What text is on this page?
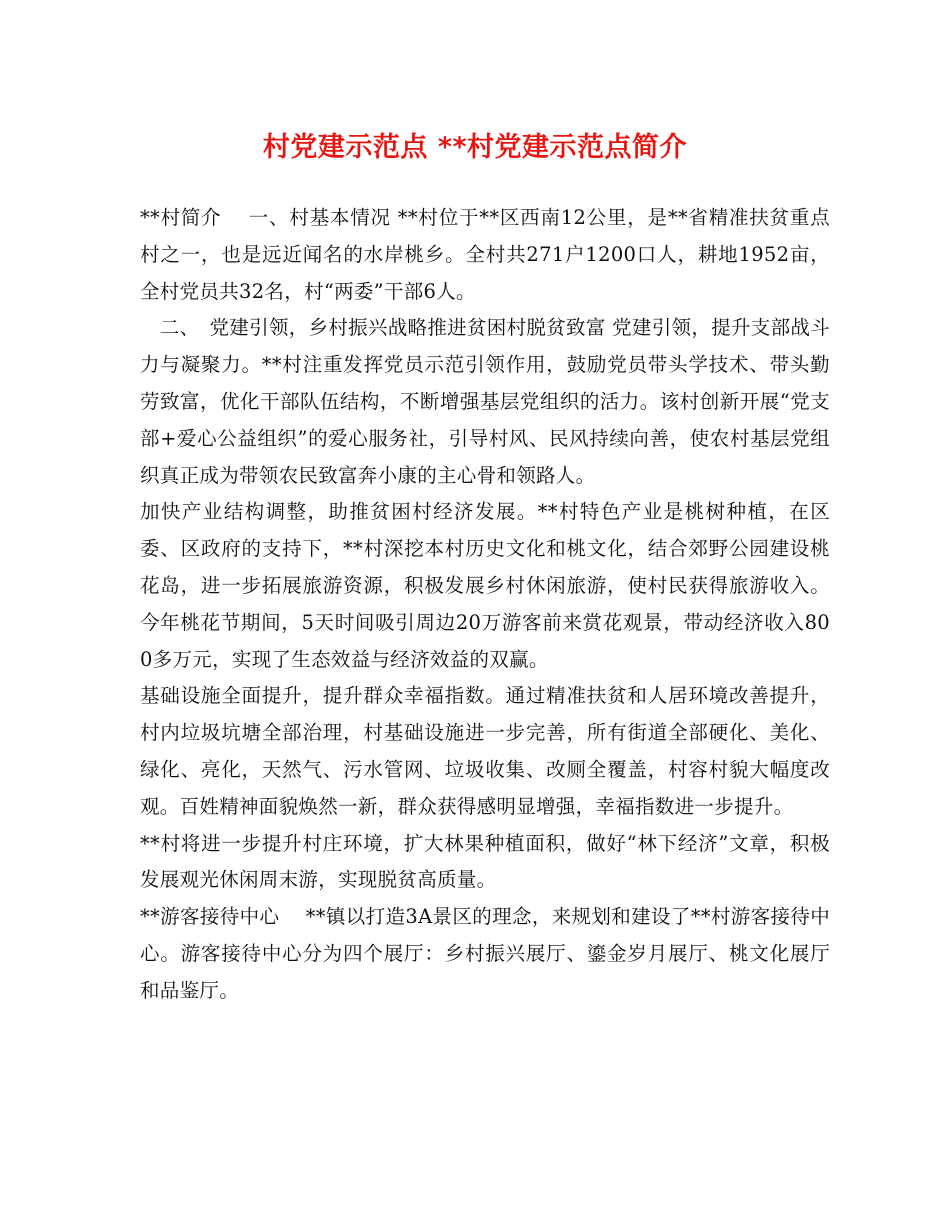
村党建示范点 **村党建示范点简介

**村简介　 一、村基本情况 **村位于**区西南12公里，是**省精准扶贫重点村之一，也是远近闻名的水岸桃乡。全村共271户1200口人，耕地1952亩，全村党员共32名，村“两委”干部6人。

　二、　党建引领，乡村振兴战略推进贫困村脱贫致富 党建引领，提升支部战斗力与凝聚力。**村注重发挥党员示范引领作用，鼓励党员带头学技术、带头勤劳致富，优化干部队伍结构，不断增强基层党组织的活力。该村创新开展“党支部+爱心公益组织”的爱心服务社，引导村风、民风持续向善，使农村基层党组织真正成为带领农民致富奔小康的主心骨和领路人。

加快产业结构调整，助推贫困村经济发展。**村特色产业是桃树种植，在区委、区政府的支持下，**村深挖本村历史文化和桃文化，结合郊野公园建设桃花岛，进一步拓展旅游资源，积极发展乡村休闲旅游，使村民获得旅游收入。今年桃花节期间，5天时间吸引周边20万游客前来赏花观景，带动经济收入800多万元，实现了生态效益与经济效益的双赢。

基础设施全面提升，提升群众幸福指数。通过精准扶贫和人居环境改善提升，村内垃圾坑塘全部治理，村基础设施进一步完善，所有街道全部硬化、美化、绿化、亮化，天然气、污水管网、垃圾收集、改厕全覆盖，村容村貌大幅度改观。百姓精神面貌焕然一新，群众获得感明显增强，幸福指数进一步提升。

**村将进一步提升村庄环境，扩大林果种植面积，做好“林下经济”文章，积极发展观光休闲周末游，实现脱贫高质量。

**游客接待中心　 **镇以打造3A景区的理念，来规划和建设了**村游客接待中心。游客接待中心分为四个展厅：乡村振兴展厅、鎏金岁月展厅、桃文化展厅和品鉴厅。
